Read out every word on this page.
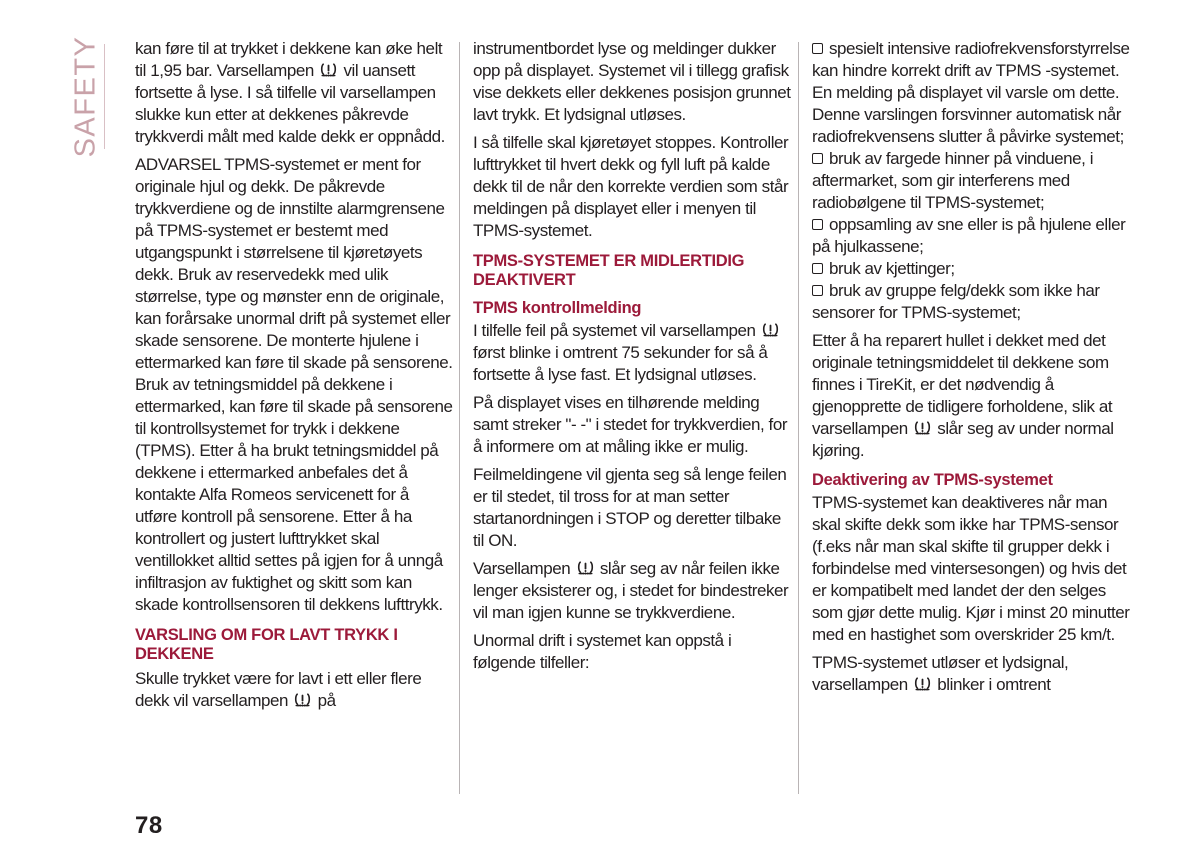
SAFETY kan føre til at trykket i dekkene kan øke helt til 1,95 bar. Varsellampen vil uansett fortsette å lyse. I så tilfelle vil varsellampen slukke kun etter at dekkenes påkrevde trykkverdi målt med kalde dekk er oppnådd.

ADVARSEL TPMS-systemet er ment for originale hjul og dekk. De påkrevde trykkverdiene og de innstilte alarmgrensene på TPMS-systemet er bestemt med utgangspunkt i størrelsene til kjøretøyets dekk. Bruk av reservedekk med ulik størrelse, type og mønster enn de originale, kan forårsake unormal drift på systemet eller skade sensorene. De monterte hjulene i ettermarked kan føre til skade på sensorene. Bruk av tetningsmiddel på dekkene i ettermarked, kan føre til skade på sensorene til kontrollsystemet for trykk i dekkene (TPMS). Etter å ha brukt tetningsmiddel på dekkene i ettermarked anbefales det å kontakte Alfa Romeos servicenett for å utføre kontroll på sensorene. Etter å ha kontrollert og justert lufttrykket skal ventillokket alltid settes på igjen for å unngå infiltrasjon av fuktighet og skitt som kan skade kontrollsensoren til dekkens lufttrykk.

VARSLING OM FOR LAVT TRYKK I DEKKENE

Skulle trykket være for lavt i ett eller flere dekk vil varsellampen på

instrumentbordet lyse og meldinger dukker opp på displayet. Systemet vil i tillegg grafisk vise dekkets eller dekkenes posisjon grunnet lavt trykk. Et lydsignal utløses.

I så tilfelle skal kjøretøyet stoppes. Kontroller lufttrykket til hvert dekk og fyll luft på kalde dekk til de når den korrekte verdien som står meldingen på displayet eller i menyen til TPMS-systemet.

TPMS-SYSTEMET ER MIDLERTIDIG DEAKTIVERT
TPMS kontrollmelding

I tilfelle feil på systemet vil varsellampen  først blinke i omtrent 75 sekunder for så å fortsette å lyse fast. Et lydsignal utløses.

På displayet vises en tilhørende melding samt streker "- -" i stedet for trykkverdien, for å informere om at måling ikke er mulig.

Feilmeldingene vil gjenta seg så lenge feilen er til stedet, til tross for at man setter startanordningen i STOP og deretter tilbake til ON.

Varsellampen slår seg av når feilen ikke lenger eksisterer og, i stedet for bindestreker vil man igjen kunne se trykkverdiene.

Unormal drift i systemet kan oppstå i følgende tilfeller:

spesielt intensive radiofrekvensforstyrrelse kan hindre korrekt drift av TPMS -systemet. En melding på displayet vil varsle om dette. Denne varslingen forsvinner automatisk når radiofrekvensens slutter å påvirke systemet;

bruk av fargede hinner på vinduene, i aftermarket, som gir interferens med radiobølgene til TPMS-systemet;

oppsamling av sne eller is på hjulene eller på hjulkassene;

bruk av kjettinger;

bruk av gruppe felg/dekk som ikke har sensorer for TPMS-systemet;

Etter å ha reparert hullet i dekket med det originale tetningsmiddelet til dekkene som finnes i TireKit, er det nødvendig å gjenopprette de tidligere forholdene, slik at varsellampen slår seg av under normal kjøring.

Deaktivering av TPMS-systemet

TPMS-systemet kan deaktiveres når man skal skifte dekk som ikke har TPMS-sensor (f.eks når man skal skifte til grupper dekk i forbindelse med vintersesongen) og hvis det er kompatibelt med landet der den selges som gjør dette mulig. Kjør i minst 20 minutter med en hastighet som overskrider 25 km/t.

TPMS-systemet utløser et lydsignal, varsellampen blinker i omtrent

78
